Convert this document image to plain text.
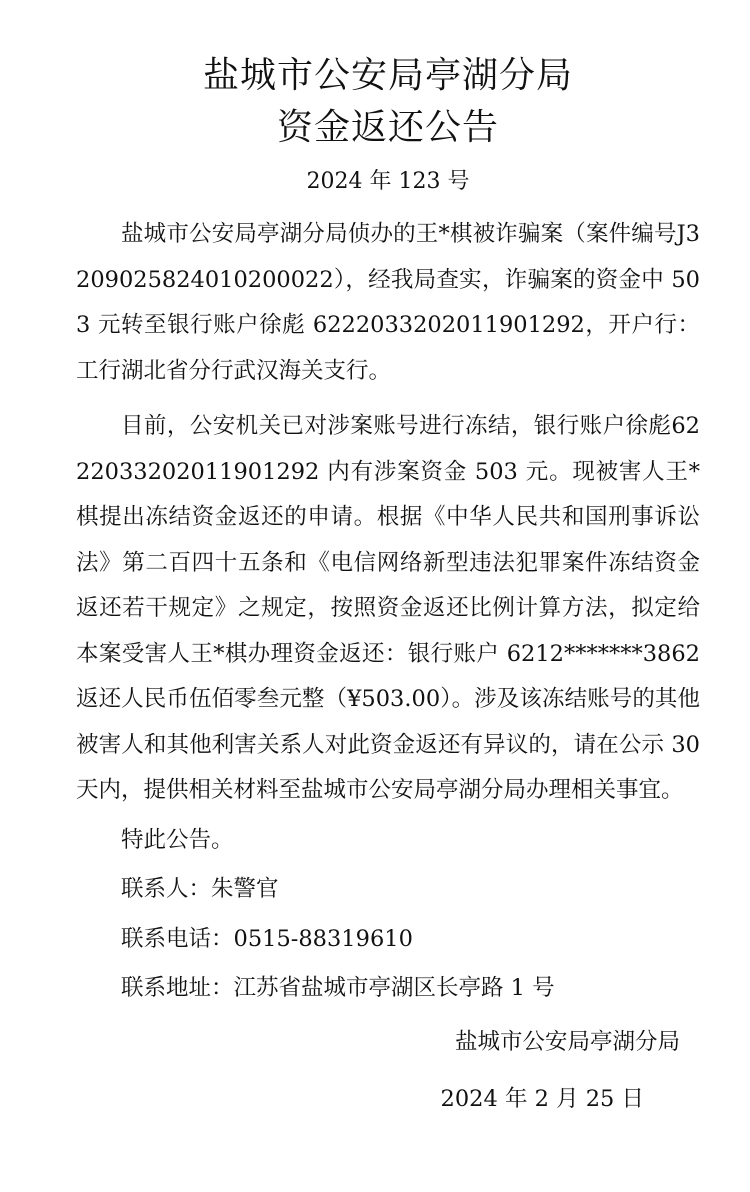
盐城市公安局亭湖分局
资金返还公告
2024 年 123 号

盐城市公安局亭湖分局侦办的王*棋被诈骗案（案件编号J3209025824010200022），经我局查实，诈骗案的资金中 503 元转至银行账户徐彪 6222033202011901292，开户行：工行湖北省分行武汉海关支行。

目前，公安机关已对涉案账号进行冻结，银行账户徐彪6222033202011901292 内有涉案资金 503 元。现被害人王*棋提出冻结资金返还的申请。根据《中华人民共和国刑事诉讼法》第二百四十五条和《电信网络新型违法犯罪案件冻结资金返还若干规定》之规定，按照资金返还比例计算方法，拟定给本案受害人王*棋办理资金返还：银行账户 6212*******3862 返还人民币伍佰零叁元整（¥503.00）。涉及该冻结账号的其他被害人和其他利害关系人对此资金返还有异议的，请在公示 30 天内，提供相关材料至盐城市公安局亭湖分局办理相关事宜。

特此公告。

联系人：朱警官

联系电话：0515-88319610

联系地址：江苏省盐城市亭湖区长亭路 1 号

盐城市公安局亭湖分局
2024 年 2 月 25 日
